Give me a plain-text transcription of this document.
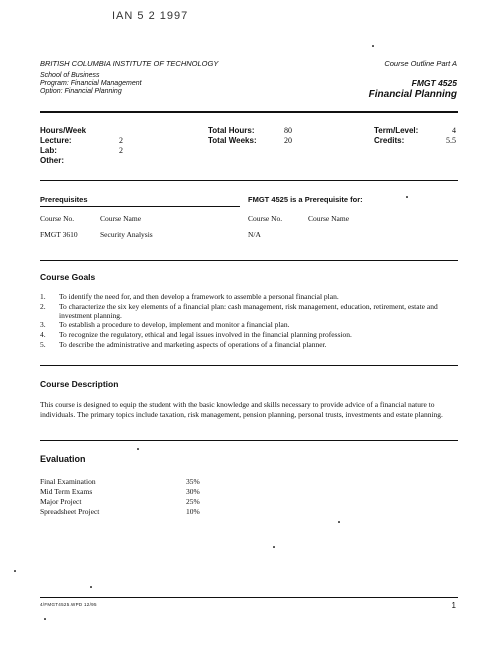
IAN 5 2 1997
BRITISH COLUMBIA INSTITUTE OF TECHNOLOGY	Course Outline Part A
School of Business
Program: Financial Management
Option: Financial Planning
FMGT 4525
Financial Planning
Hours/Week
Lecture:	2
Lab:	2
Other:
Total Hours:	80
Total Weeks:	20
Term/Level:	4
Credits:	5.5
Prerequisites	FMGT 4525 is a Prerequisite for:
Course No.	Course Name	Course No.	Course Name
FMGT 3610	Security Analysis	N/A
Course Goals
1. To identify the need for, and then develop a framework to assemble a personal financial plan.
2. To characterize the six key elements of a financial plan: cash management, risk management, education, retirement, estate and investment planning.
3. To establish a procedure to develop, implement and monitor a financial plan.
4. To recognize the regulatory, ethical and legal issues involved in the financial planning profession.
5. To describe the administrative and marketing aspects of operations of a financial planner.
Course Description
This course is designed to equip the student with the basic knowledge and skills necessary to provide advice of a financial nature to individuals. The primary topics include taxation, risk management, pension planning, personal trusts, investments and estate planning.
Evaluation
Final Examination	35%
Mid Term Exams	30%
Major Project	25%
Spreadsheet Project	10%
4/FMGT4525.WPD 12/95	1
